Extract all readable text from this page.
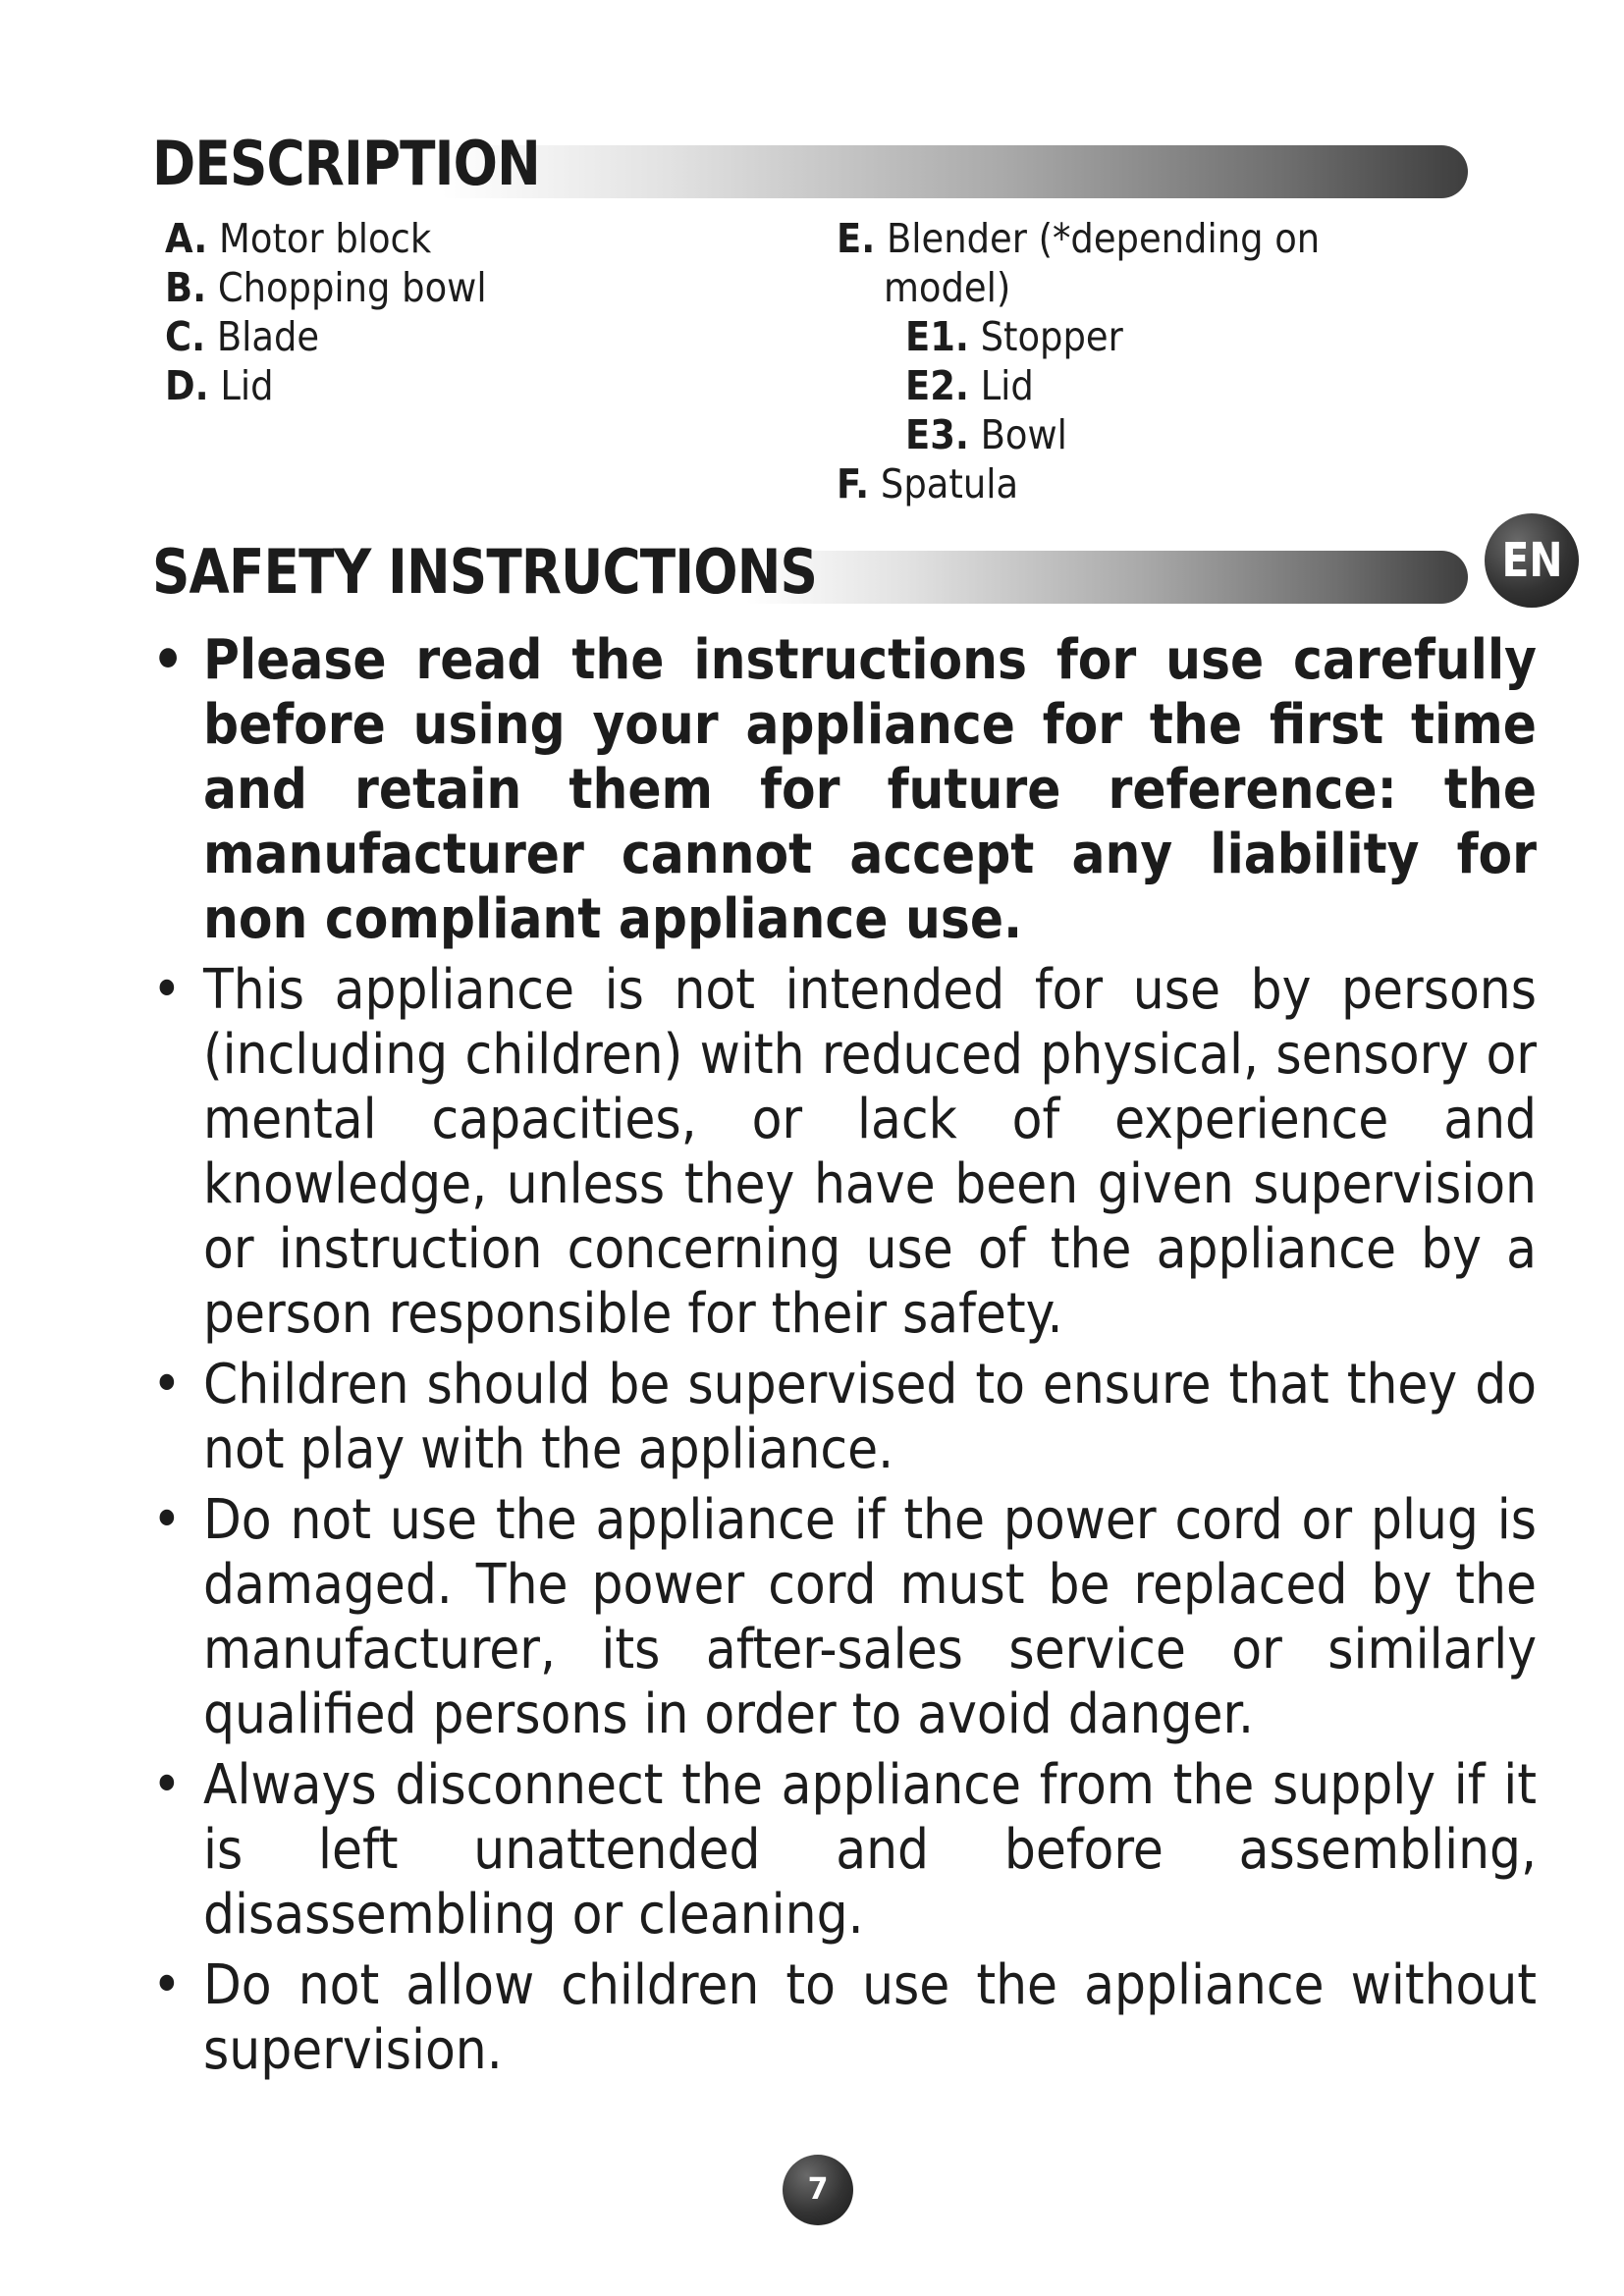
DESCRIPTION
A. Motor block
B. Chopping bowl
C. Blade
D. Lid
E. Blender (*depending on model)
E1. Stopper
E2. Lid
E3. Bowl
F. Spatula
EN
SAFETY INSTRUCTIONS
• Please read the instructions for use carefully before using your appliance for the first time and retain them for future reference: the manufacturer cannot accept any liability for non compliant appliance use.
• This appliance is not intended for use by persons (including children) with reduced physical, sensory or mental capacities, or lack of experience and knowledge, unless they have been given supervision or instruction concerning use of the appliance by a person responsible for their safety.
• Children should be supervised to ensure that they do not play with the appliance.
• Do not use the appliance if the power cord or plug is damaged. The power cord must be replaced by the manufacturer, its after-sales service or similarly qualified persons in order to avoid danger.
• Always disconnect the appliance from the supply if it is left unattended and before assembling, disassembling or cleaning.
• Do not allow children to use the appliance without supervision.
7
